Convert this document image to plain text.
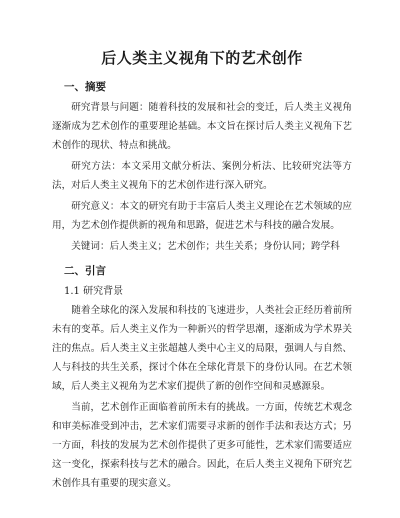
后人类主义视角下的艺术创作
一、摘要

研究背景与问题：随着科技的发展和社会的变迁，后人类主义视角逐渐成为艺术创作的重要理论基础。本文旨在探讨后人类主义视角下艺术创作的现状、特点和挑战。

研究方法：本文采用文献分析法、案例分析法、比较研究法等方法，对后人类主义视角下的艺术创作进行深入研究。

研究意义：本文的研究有助于丰富后人类主义理论在艺术领域的应用，为艺术创作提供新的视角和思路，促进艺术与科技的融合发展。

关键词：后人类主义；艺术创作；共生关系；身份认同；跨学科

二、引言
1.1 研究背景

随着全球化的深入发展和科技的飞速进步，人类社会正经历着前所未有的变革。后人类主义作为一种新兴的哲学思潮，逐渐成为学术界关注的焦点。后人类主义主张超越人类中心主义的局限，强调人与自然、人与科技的共生关系，探讨个体在全球化背景下的身份认同。在艺术领域，后人类主义视角为艺术家们提供了新的创作空间和灵感源泉。

当前，艺术创作正面临着前所未有的挑战。一方面，传统艺术观念和审美标准受到冲击，艺术家们需要寻求新的创作手法和表达方式；另一方面，科技的发展为艺术创作提供了更多可能性，艺术家们需要适应这一变化，探索科技与艺术的融合。因此，在后人类主义视角下研究艺术创作具有重要的现实意义。
